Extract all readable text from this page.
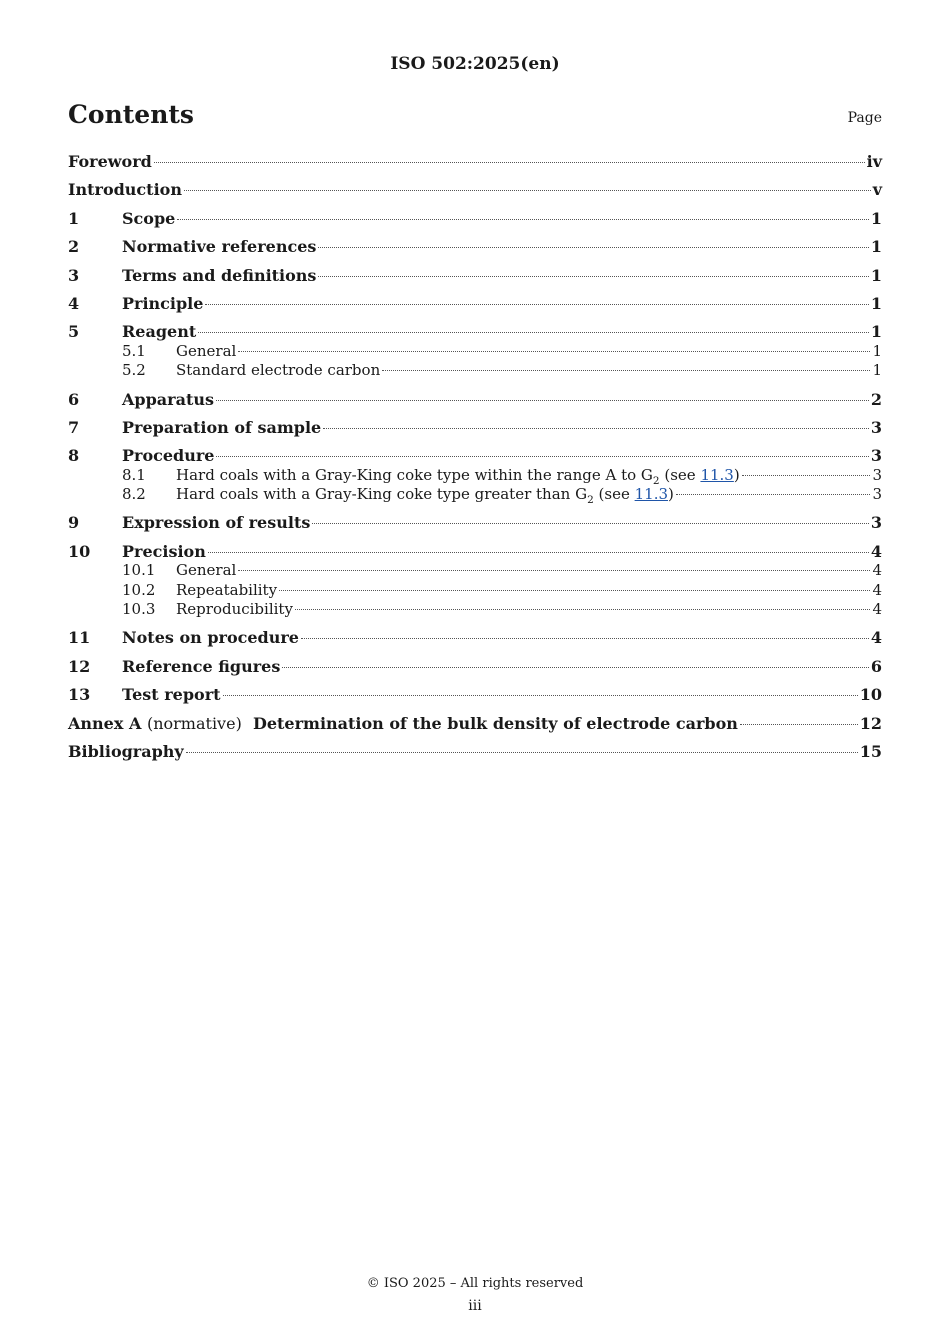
ISO 502:2025(en)
Contents	Page
Foreword	iv
Introduction	v
1	Scope	1
2	Normative references	1
3	Terms and definitions	1
4	Principle	1
5	Reagent	1
5.1	General	1
5.2	Standard electrode carbon	1
6	Apparatus	2
7	Preparation of sample	3
8	Procedure	3
8.1	Hard coals with a Gray-King coke type within the range A to $G_2$ (see 11.3)	3
8.2	Hard coals with a Gray-King coke type greater than $G_2$ (see 11.3)	3
9	Expression of results	3
10	Precision	4
10.1	General	4
10.2	Repeatability	4
10.3	Reproducibility	4
11	Notes on procedure	4
12	Reference figures	6
13	Test report	10
Annex A (normative) Determination of the bulk density of electrode carbon	12
Bibliography	15
© ISO 2025 – All rights reserved
iii
